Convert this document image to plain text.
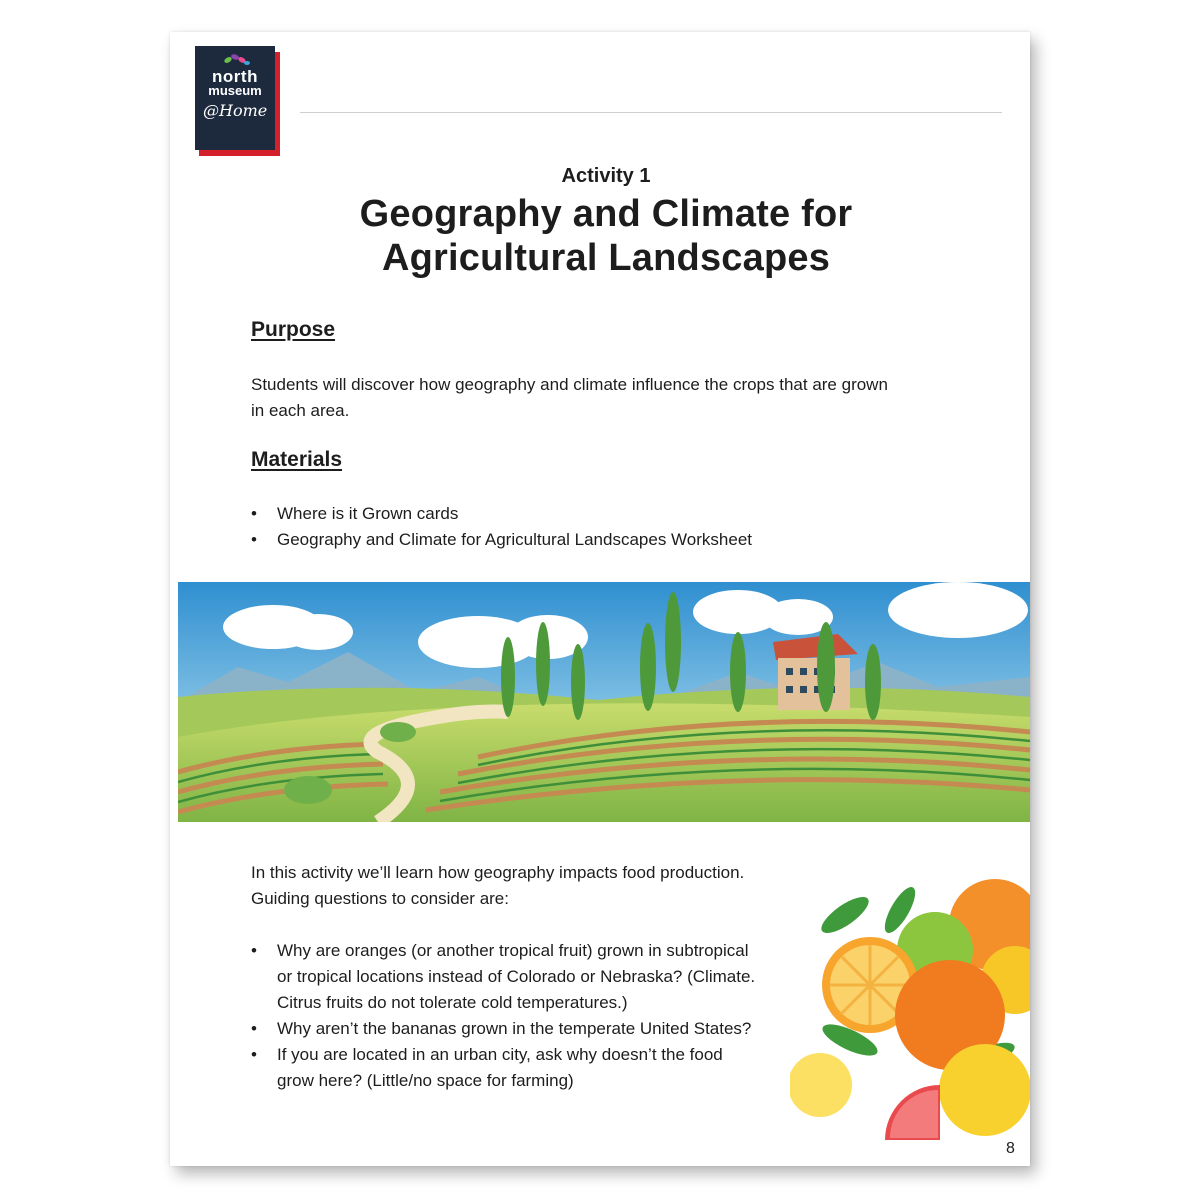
north
museum
@Home
Activity 1
Geography and Climate for
Agricultural Landscapes
Purpose
Students will discover how geography and climate influence the crops that are grown
in each area.
Materials
• Where is it Grown cards
• Geography and Climate for Agricultural Landscapes Worksheet
In this activity we’ll learn how geography impacts food production.
Guiding questions to consider are:
• Why are oranges (or another tropical fruit) grown in subtropical
or tropical locations instead of Colorado or Nebraska? (Climate.
Citrus fruits do not tolerate cold temperatures.)
• Why aren’t the bananas grown in the temperate United States?
• If you are located in an urban city, ask why doesn’t the food
grow here? (Little/no space for farming)
8
